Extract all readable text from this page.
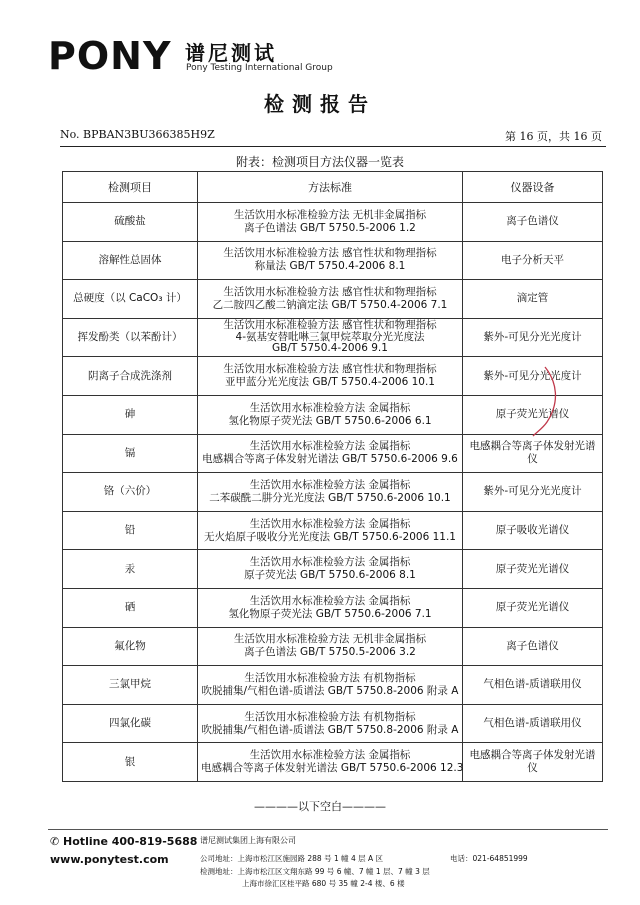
PONY 谱尼测试
Pony Testing International Group
检测报告
No. BPBAN3BU366385H9Z	第 16 页，共 16 页
附表：检测项目方法仪器一览表
检测项目	方法标准	仪器设备
硫酸盐	生活饮用水标准检验方法 无机非金属指标
离子色谱法 GB/T 5750.5-2006 1.2	离子色谱仪
溶解性总固体	生活饮用水标准检验方法 感官性状和物理指标
称量法 GB/T 5750.4-2006 8.1	电子分析天平
总硬度（以 CaCO₃ 计）	生活饮用水标准检验方法 感官性状和物理指标
乙二胺四乙酸二钠滴定法 GB/T 5750.4-2006 7.1	滴定管
挥发酚类（以苯酚计）	生活饮用水标准检验方法 感官性状和物理指标
4-氨基安替吡啉三氯甲烷萃取分光光度法
GB/T 5750.4-2006 9.1	紫外-可见分光光度计
阴离子合成洗涤剂	生活饮用水标准检验方法 感官性状和物理指标
亚甲蓝分光光度法 GB/T 5750.4-2006 10.1	紫外-可见分光光度计
砷	生活饮用水标准检验方法 金属指标
氢化物原子荧光法 GB/T 5750.6-2006 6.1	原子荧光光谱仪
镉	生活饮用水标准检验方法 金属指标
电感耦合等离子体发射光谱法 GB/T 5750.6-2006 9.6	电感耦合等离子体发射光谱仪
铬（六价）	生活饮用水标准检验方法 金属指标
二苯碳酰二肼分光光度法 GB/T 5750.6-2006 10.1	紫外-可见分光光度计
铅	生活饮用水标准检验方法 金属指标
无火焰原子吸收分光光度法 GB/T 5750.6-2006 11.1	原子吸收光谱仪
汞	生活饮用水标准检验方法 金属指标
原子荧光法 GB/T 5750.6-2006 8.1	原子荧光光谱仪
硒	生活饮用水标准检验方法 金属指标
氢化物原子荧光法 GB/T 5750.6-2006 7.1	原子荧光光谱仪
氟化物	生活饮用水标准检验方法 无机非金属指标
离子色谱法 GB/T 5750.5-2006 3.2	离子色谱仪
三氯甲烷	生活饮用水标准检验方法 有机物指标
吹脱捕集/气相色谱-质谱法 GB/T 5750.8-2006 附录 A	气相色谱-质谱联用仪
四氯化碳	生活饮用水标准检验方法 有机物指标
吹脱捕集/气相色谱-质谱法 GB/T 5750.8-2006 附录 A	气相色谱-质谱联用仪
银	生活饮用水标准检验方法 金属指标
电感耦合等离子体发射光谱法 GB/T 5750.6-2006 12.3	电感耦合等离子体发射光谱仪
————以下空白————
✆ Hotline 400-819-5688
www.ponytest.com
谱尼测试集团上海有限公司
公司地址：上海市松江区施园路 288 号 1 幢 4 层 A 区
检测地址：上海市松江区文翔东路 99 号 6 幢、7 幢 1 层、7 幢 3 层
上海市徐汇区桂平路 680 号 35 幢 2-4 楼、6 楼
电话：021-64851999
